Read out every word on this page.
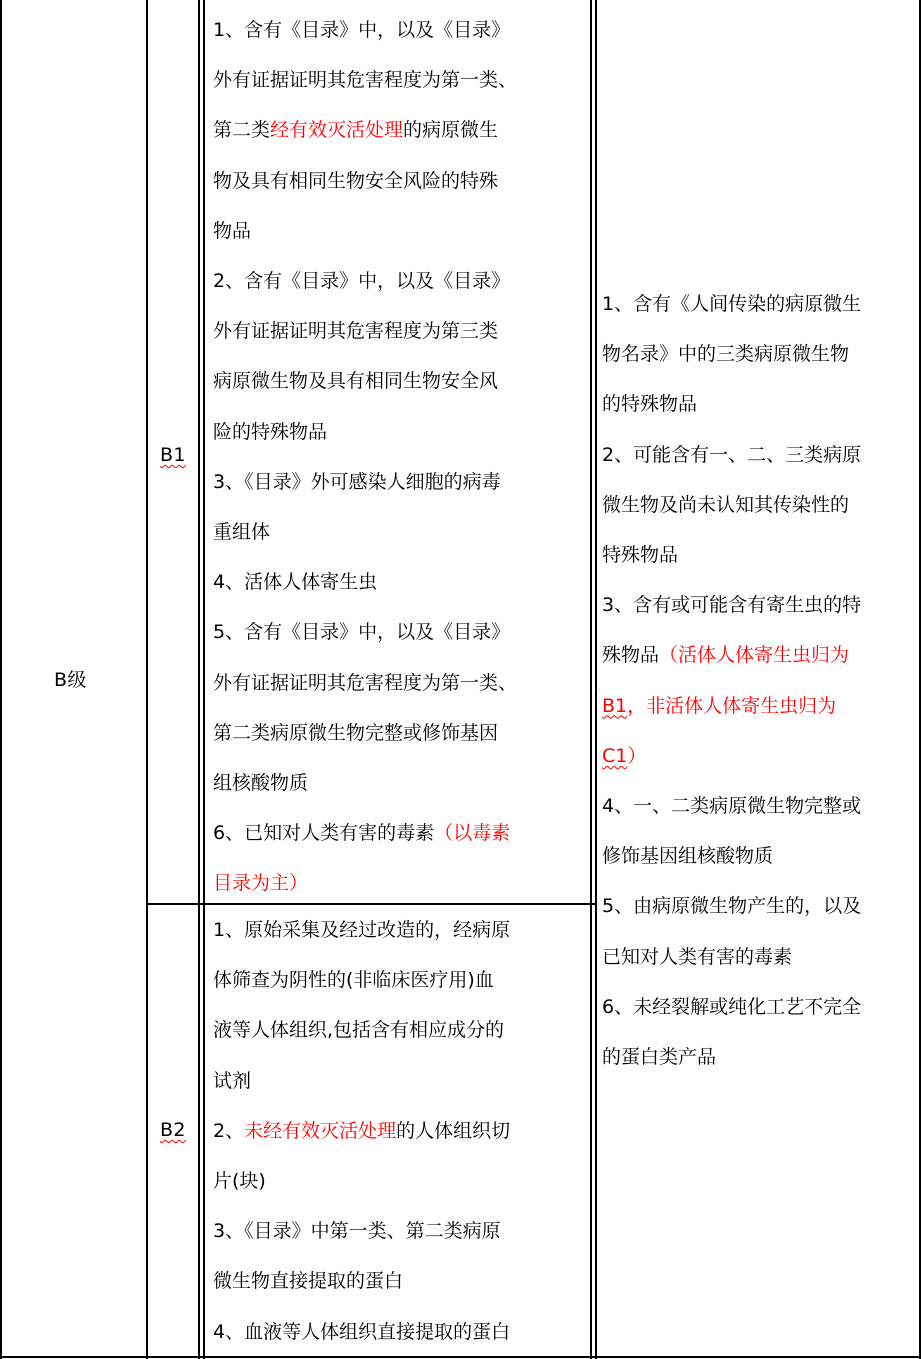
B级
B1
B2
1、含有《目录》中，以及《目录》
外有证据证明其危害程度为第一类、
第二类经有效灭活处理的病原微生
物及具有相同生物安全风险的特殊
物品
2、含有《目录》中，以及《目录》
外有证据证明其危害程度为第三类
病原微生物及具有相同生物安全风
险的特殊物品
3、《目录》外可感染人细胞的病毒
重组体
4、活体人体寄生虫
5、含有《目录》中，以及《目录》
外有证据证明其危害程度为第一类、
第二类病原微生物完整或修饰基因
组核酸物质
6、已知对人类有害的毒素（以毒素
目录为主）
1、原始采集及经过改造的，经病原
体筛查为阴性的(非临床医疗用)血
液等人体组织,包括含有相应成分的
试剂
2、未经有效灭活处理的人体组织切
片(块)
3、《目录》中第一类、第二类病原
微生物直接提取的蛋白
4、血液等人体组织直接提取的蛋白
1、含有《人间传染的病原微生
物名录》中的三类病原微生物
的特殊物品
2、可能含有一、二、三类病原
微生物及尚未认知其传染性的
特殊物品
3、含有或可能含有寄生虫的特
殊物品（活体人体寄生虫归为
B1，非活体人体寄生虫归为
C1）
4、一、二类病原微生物完整或
修饰基因组核酸物质
5、由病原微生物产生的，以及
已知对人类有害的毒素
6、未经裂解或纯化工艺不完全
的蛋白类产品
